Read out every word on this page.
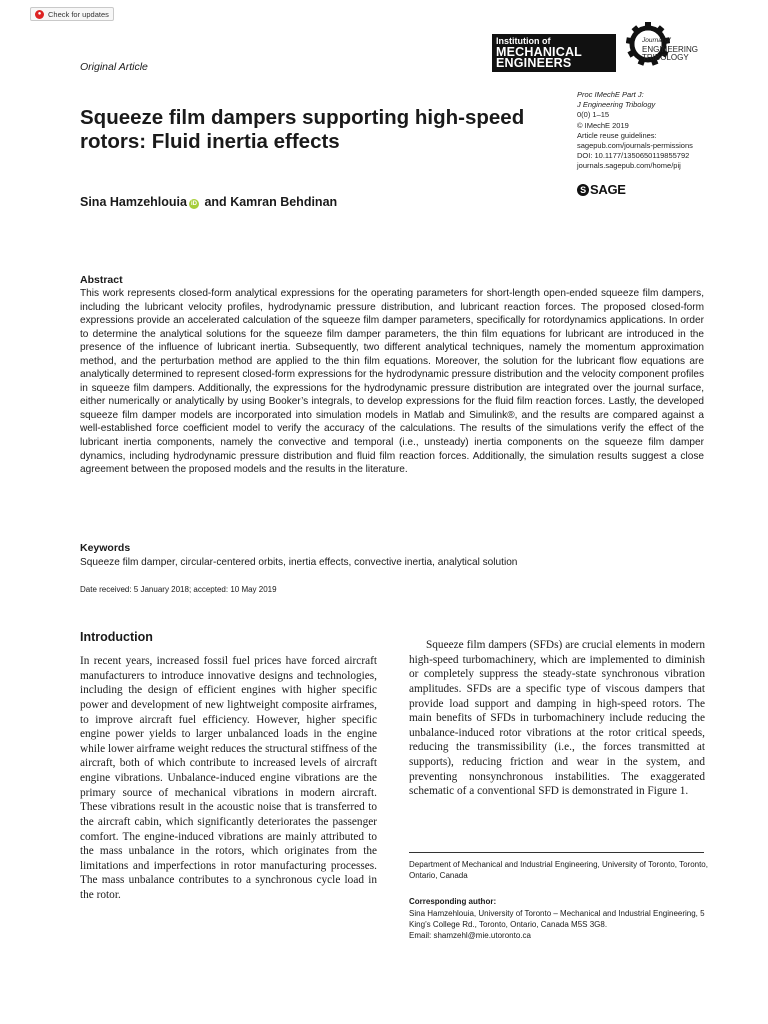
● Check for updates
Original Article
Institution of
MECHANICAL
ENGINEERS
Journal of
ENGINEERING
TRIBOLOGY
Squeeze film dampers supporting high-speed rotors: Fluid inertia effects
Proc IMechE Part J:
J Engineering Tribology
0(0) 1–15
© IMechE 2019
Article reuse guidelines:
sagepub.com/journals-permissions
DOI: 10.1177/1350650119855792
journals.sagepub.com/home/pij
S SAGE
Sina Hamzehlouia iD and Kamran Behdinan
Abstract

This work represents closed-form analytical expressions for the operating parameters for short-length open-ended squeeze film dampers, including the lubricant velocity profiles, hydrodynamic pressure distribution, and lubricant reaction forces. The proposed closed-form expressions provide an accelerated calculation of the squeeze film damper parameters, specifically for rotordynamics applications. In order to determine the analytical solutions for the squeeze film damper parameters, the thin film equations for lubricant are introduced in the presence of the influence of lubricant inertia. Subsequently, two different analytical techniques, namely the momentum approximation method, and the perturbation method are applied to the thin film equations. Moreover, the solution for the lubricant flow equations are analytically determined to represent closed-form expressions for the hydrodynamic pressure distribution and the velocity component profiles in squeeze film dampers. Additionally, the expressions for the hydrodynamic pressure distribution are integrated over the journal surface, either numerically or analytically by using Booker’s integrals, to develop expressions for the fluid film reaction forces. Lastly, the developed squeeze film damper models are incorporated into simulation models in Matlab and Simulink®, and the results are compared against a well-established force coefficient model to verify the accuracy of the calculations. The results of the simulations verify the effect of the lubricant inertia components, namely the convective and temporal (i.e., unsteady) inertia components on the squeeze film damper dynamics, including hydrodynamic pressure distribution and fluid film reaction forces. Additionally, the simulation results suggest a close agreement between the proposed models and the results in the literature.

Keywords
Squeeze film damper, circular-centered orbits, inertia effects, convective inertia, analytical solution
Date received: 5 January 2018; accepted: 10 May 2019
Introduction

In recent years, increased fossil fuel prices have forced aircraft manufacturers to introduce innovative designs and technologies, including the design of efficient engines with higher specific power and development of new lightweight composite airframes, to improve aircraft fuel efficiency. However, higher specific engine power yields to larger unbalanced loads in the engine while lower airframe weight reduces the structural stiffness of the aircraft, both of which contribute to increased levels of aircraft engine vibrations. Unbalance-induced engine vibrations are the primary source of mechanical vibrations in modern aircraft. These vibrations result in the acoustic noise that is transferred to the aircraft cabin, which significantly deteriorates the passenger comfort. The engine-induced vibrations are mainly attributed to the mass unbalance in the rotors, which originates from the limitations and imperfections in rotor manufacturing processes. The mass unbalance contributes to a synchronous cycle load in the rotor.

Squeeze film dampers (SFDs) are crucial elements in modern high-speed turbomachinery, which are implemented to diminish or completely suppress the steady-state synchronous vibration amplitudes. SFDs are a specific type of viscous dampers that provide load support and damping in high-speed rotors. The main benefits of SFDs in turbomachinery include reducing the unbalance-induced rotor vibrations at the rotor critical speeds, reducing the transmissibility (i.e., the forces transmitted at supports), reducing friction and wear in the system, and preventing nonsynchronous instabilities. The exaggerated schematic of a conventional SFD is demonstrated in Figure 1.

Department of Mechanical and Industrial Engineering, University of Toronto, Toronto, Ontario, Canada
Corresponding author:
Sina Hamzehlouia, University of Toronto – Mechanical and Industrial Engineering, 5 King’s College Rd., Toronto, Ontario, Canada M5S 3G8.
Email: shamzehl@mie.utoronto.ca
